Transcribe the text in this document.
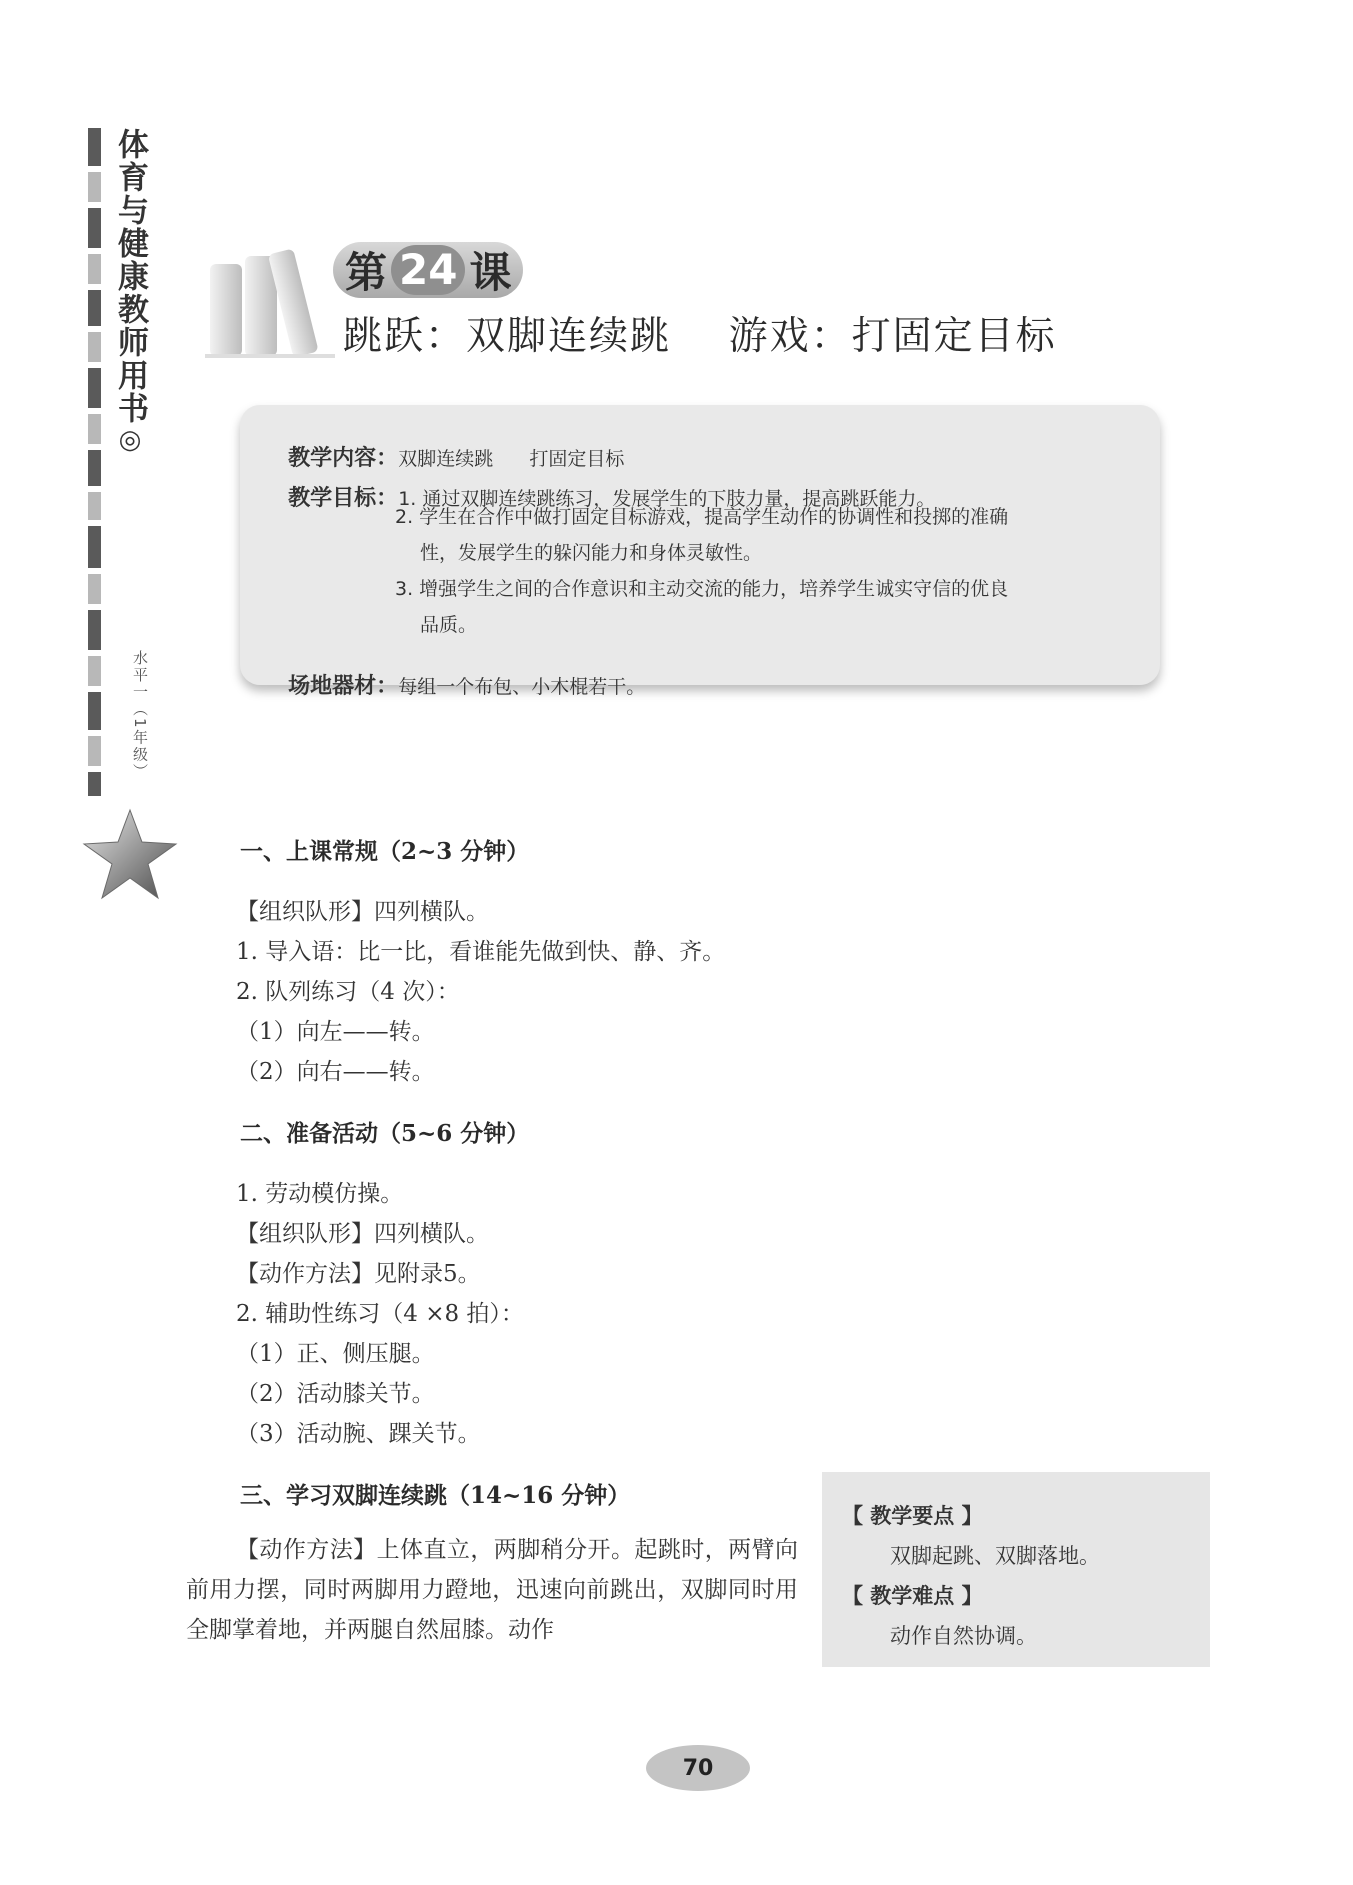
体育与健康教师用书◎
水平一（1年级）
第 24 课
跳跃：双脚连续跳    游戏：打固定目标

教学内容：双脚连续跳      打固定目标

教学目标：1. 通过双脚连续跳练习，发展学生的下肢力量，提高跳跃能力。

2. 学生在合作中做打固定目标游戏，提高学生动作的协调性和投掷的准确
性，发展学生的躲闪能力和身体灵敏性。
3. 增强学生之间的合作意识和主动交流的能力，培养学生诚实守信的优良
品质。

场地器材：每组一个布包、小木棍若干。

一、上课常规（2~3 分钟）
【组织队形】四列横队。
1. 导入语：比一比，看谁能先做到快、静、齐。
2. 队列练习（4 次）：
（1）向左——转。
（2）向右——转。
二、准备活动（5~6 分钟）
1. 劳动模仿操。
【组织队形】四列横队。
【动作方法】见附录5。
2. 辅助性练习（4 ×8 拍）：
（1）正、侧压腿。
（2）活动膝关节。
（3）活动腕、踝关节。
三、学习双脚连续跳（14~16 分钟）
【动作方法】上体直立，两脚稍分开。起跳时，两臂向前用力摆，同时两脚用力蹬地，迅速向前跳出，双脚同时用全脚掌着地，并两腿自然屈膝。动作
【 教学要点 】
双脚起跳、双脚落地。
【 教学难点 】
动作自然协调。
70
